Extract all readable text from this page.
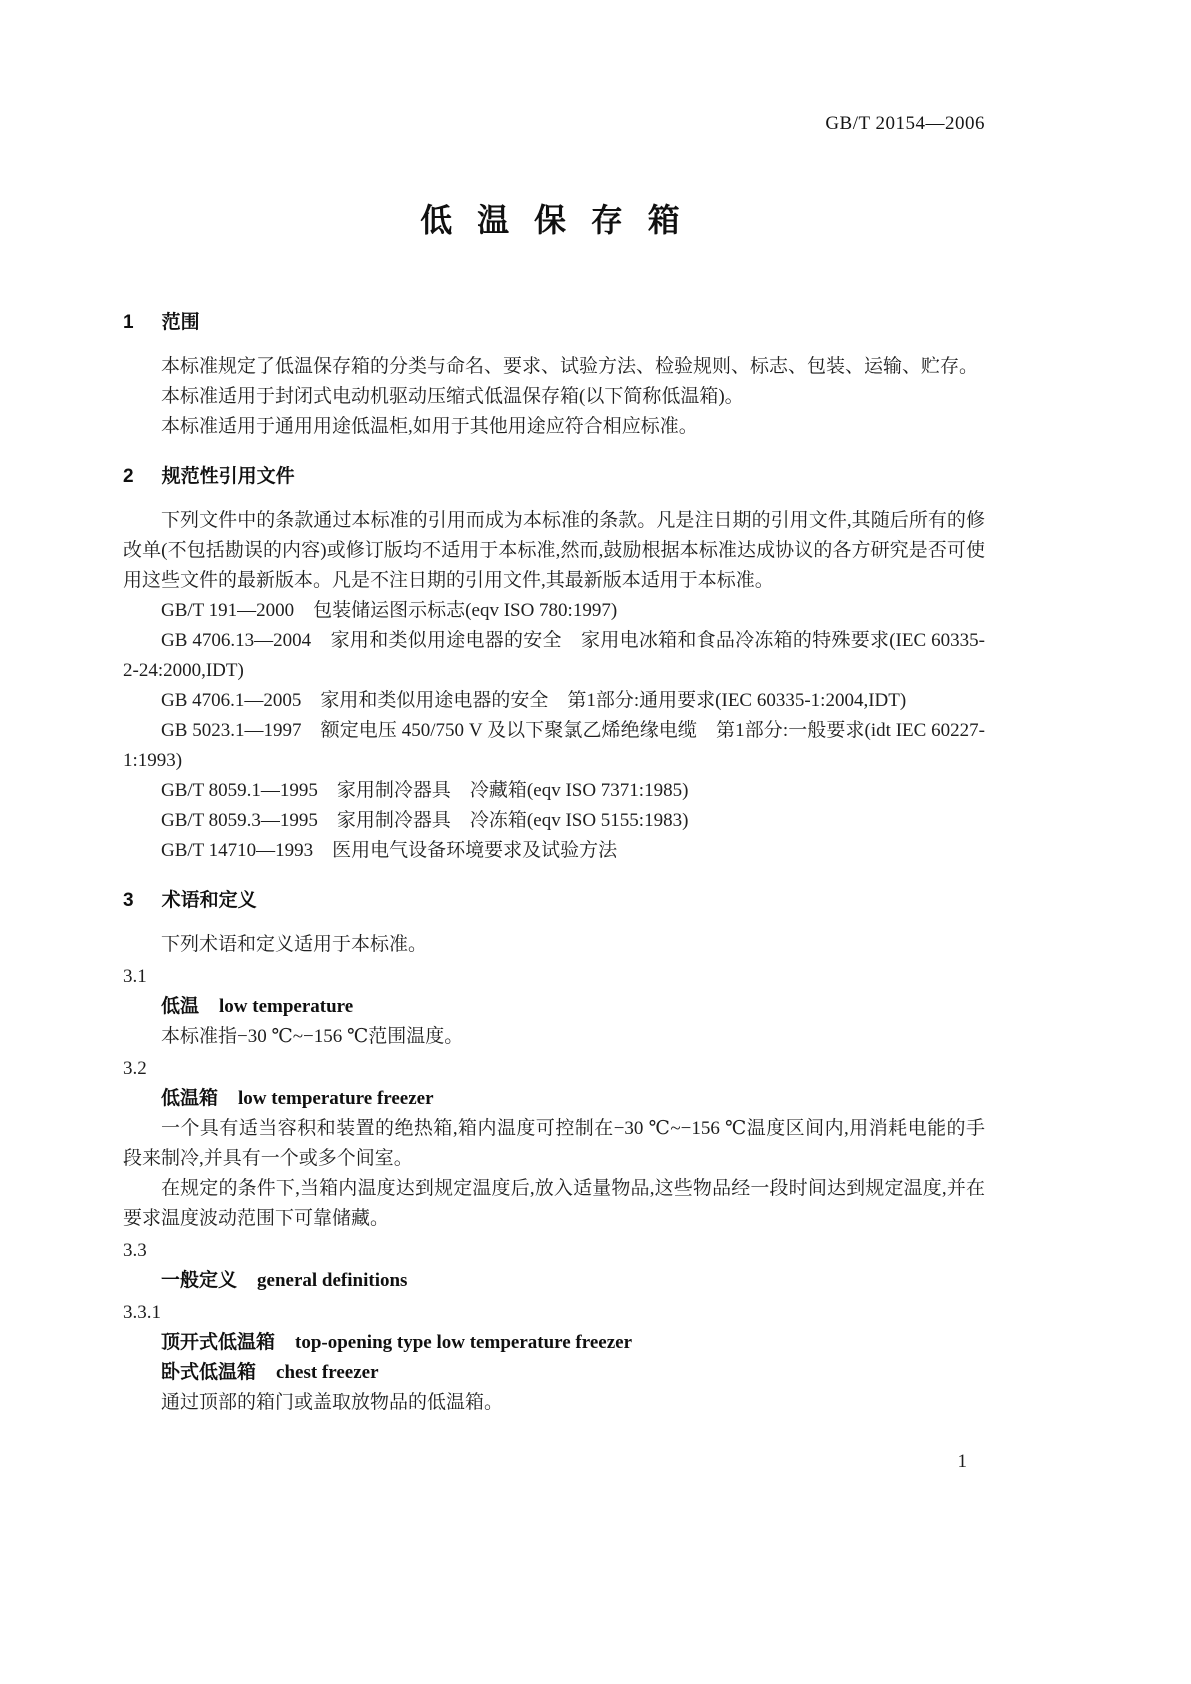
GB/T 20154—2006
低 温 保 存 箱
1 范围

本标准规定了低温保存箱的分类与命名、要求、试验方法、检验规则、标志、包装、运输、贮存。

本标准适用于封闭式电动机驱动压缩式低温保存箱(以下简称低温箱)。

本标准适用于通用用途低温柜,如用于其他用途应符合相应标准。

2 规范性引用文件

下列文件中的条款通过本标准的引用而成为本标准的条款。凡是注日期的引用文件,其随后所有的修改单(不包括勘误的内容)或修订版均不适用于本标准,然而,鼓励根据本标准达成协议的各方研究是否可使用这些文件的最新版本。凡是不注日期的引用文件,其最新版本适用于本标准。

GB/T 191—2000　包装储运图示标志(eqv ISO 780:1997)

GB 4706.13—2004　家用和类似用途电器的安全　家用电冰箱和食品冷冻箱的特殊要求(IEC 60335-2-24:2000,IDT)

GB 4706.1—2005　家用和类似用途电器的安全　第1部分:通用要求(IEC 60335-1:2004,IDT)

GB 5023.1—1997　额定电压 450/750 V 及以下聚氯乙烯绝缘电缆　第1部分:一般要求(idt IEC 60227-1:1993)

GB/T 8059.1—1995　家用制冷器具　冷藏箱(eqv ISO 7371:1985)

GB/T 8059.3—1995　家用制冷器具　冷冻箱(eqv ISO 5155:1983)

GB/T 14710—1993　医用电气设备环境要求及试验方法

3 术语和定义

下列术语和定义适用于本标准。

3.1
低温 low temperature

本标准指−30 ℃~−156 ℃范围温度。

3.2
低温箱 low temperature freezer

一个具有适当容积和装置的绝热箱,箱内温度可控制在−30 ℃~−156 ℃温度区间内,用消耗电能的手段来制冷,并具有一个或多个间室。

在规定的条件下,当箱内温度达到规定温度后,放入适量物品,这些物品经一段时间达到规定温度,并在要求温度波动范围下可靠储藏。

3.3
一般定义 general definitions
3.3.1
顶开式低温箱 top-opening type low temperature freezer
卧式低温箱 chest freezer

通过顶部的箱门或盖取放物品的低温箱。

1
